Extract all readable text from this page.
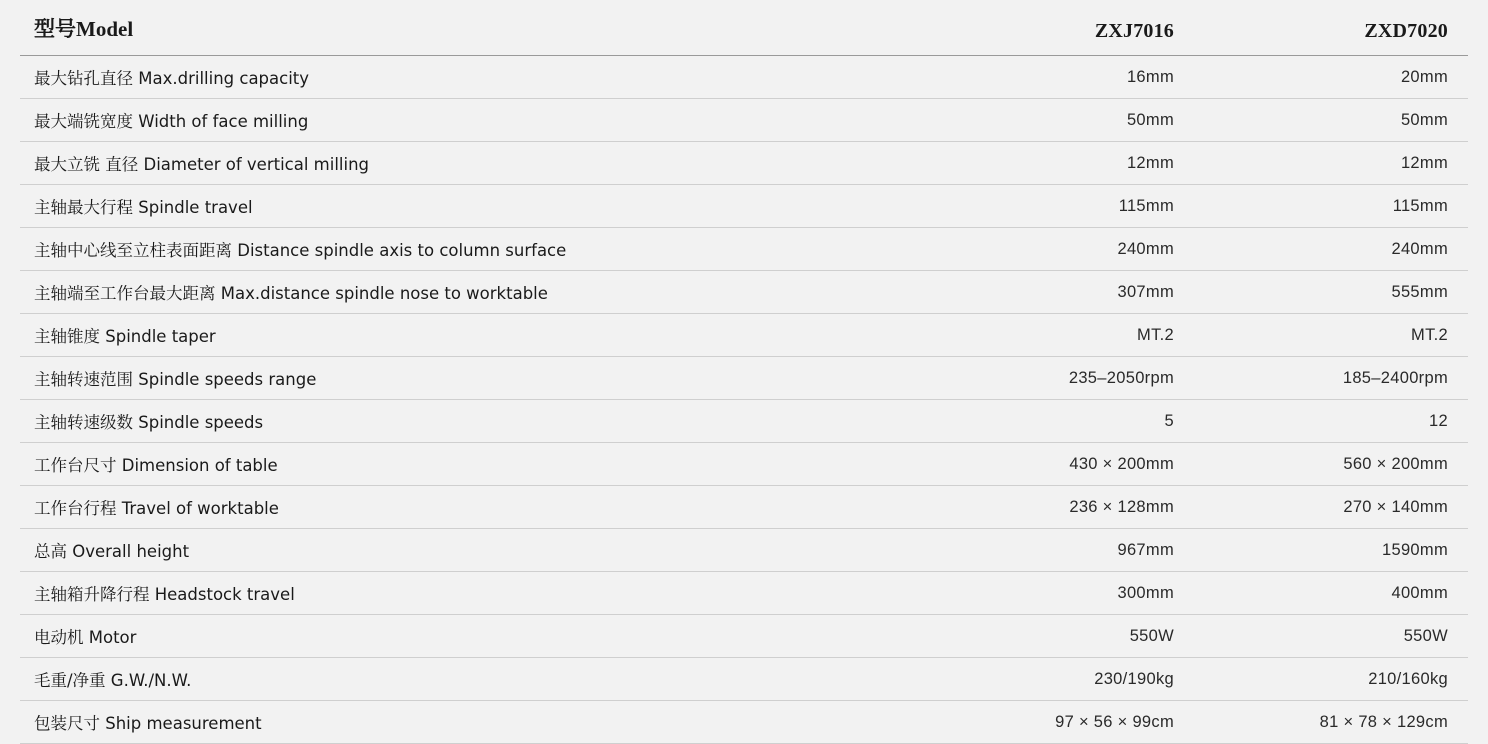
型号Model	ZXJ7016	ZXD7020
最大钻孔直径 Max.drilling capacity	16mm	20mm
最大端铣宽度 Width of face milling	50mm	50mm
最大立铣 直径 Diameter of vertical milling	12mm	12mm
主轴最大行程 Spindle travel	115mm	115mm
主轴中心线至立柱表面距离 Distance spindle axis to column surface	240mm	240mm
主轴端至工作台最大距离 Max.distance spindle nose to worktable	307mm	555mm
主轴锥度 Spindle taper	MT.2	MT.2
主轴转速范围 Spindle speeds range	235–2050rpm	185–2400rpm
主轴转速级数 Spindle speeds	5	12
工作台尺寸 Dimension of table	430 × 200mm	560 × 200mm
工作台行程 Travel of worktable	236 × 128mm	270 × 140mm
总高 Overall height	967mm	1590mm
主轴箱升降行程 Headstock travel	300mm	400mm
电动机 Motor	550W	550W
毛重/净重 G.W./N.W.	230/190kg	210/160kg
包装尺寸 Ship measurement	97 × 56 × 99cm	81 × 78 × 129cm
